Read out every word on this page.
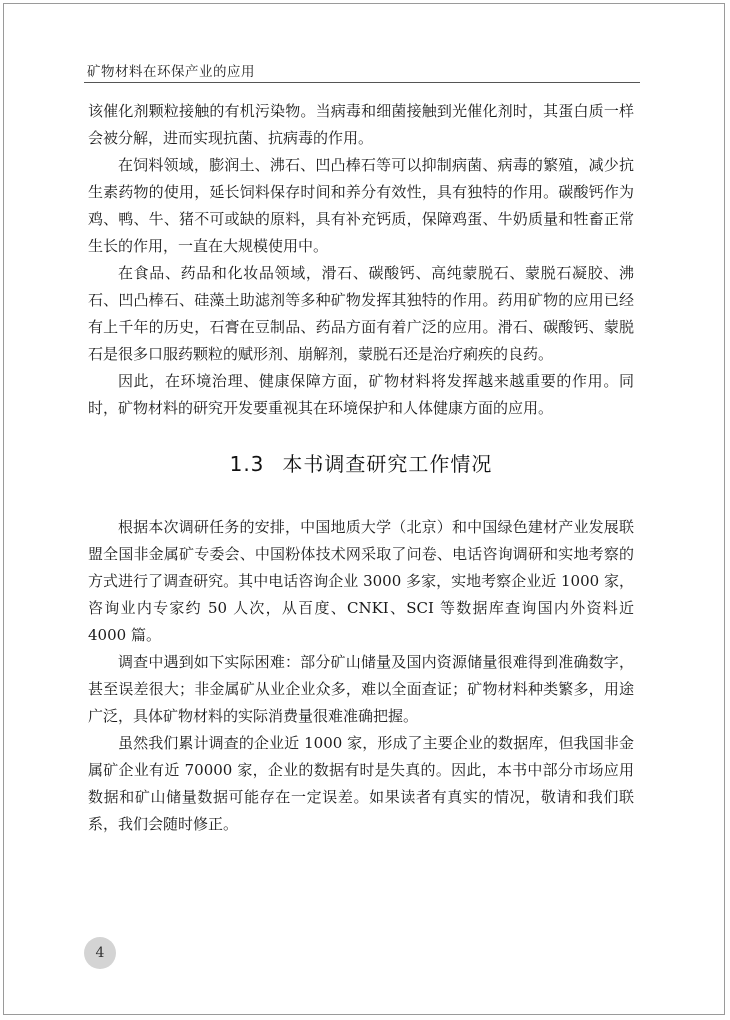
矿物材料在环保产业的应用

该催化剂颗粒接触的有机污染物。当病毒和细菌接触到光催化剂时，其蛋白质一样会被分解，进而实现抗菌、抗病毒的作用。

在饲料领域，膨润土、沸石、凹凸棒石等可以抑制病菌、病毒的繁殖，减少抗生素药物的使用，延长饲料保存时间和养分有效性，具有独特的作用。碳酸钙作为鸡、鸭、牛、猪不可或缺的原料，具有补充钙质，保障鸡蛋、牛奶质量和牲畜正常生长的作用，一直在大规模使用中。

在食品、药品和化妆品领域，滑石、碳酸钙、高纯蒙脱石、蒙脱石凝胶、沸石、凹凸棒石、硅藻土助滤剂等多种矿物发挥其独特的作用。药用矿物的应用已经有上千年的历史，石膏在豆制品、药品方面有着广泛的应用。滑石、碳酸钙、蒙脱石是很多口服药颗粒的赋形剂、崩解剂，蒙脱石还是治疗痢疾的良药。

因此，在环境治理、健康保障方面，矿物材料将发挥越来越重要的作用。同时，矿物材料的研究开发要重视其在环境保护和人体健康方面的应用。

1.3 本书调查研究工作情况

根据本次调研任务的安排，中国地质大学（北京）和中国绿色建材产业发展联盟全国非金属矿专委会、中国粉体技术网采取了问卷、电话咨询调研和实地考察的方式进行了调查研究。其中电话咨询企业 3000 多家，实地考察企业近 1000 家，咨询业内专家约 50 人次，从百度、CNKI、SCI 等数据库查询国内外资料近 4000 篇。

调查中遇到如下实际困难：部分矿山储量及国内资源储量很难得到准确数字，甚至误差很大；非金属矿从业企业众多，难以全面查证；矿物材料种类繁多，用途广泛，具体矿物材料的实际消费量很难准确把握。

虽然我们累计调查的企业近 1000 家，形成了主要企业的数据库，但我国非金属矿企业有近 70000 家，企业的数据有时是失真的。因此，本书中部分市场应用数据和矿山储量数据可能存在一定误差。如果读者有真实的情况，敬请和我们联系，我们会随时修正。

4
